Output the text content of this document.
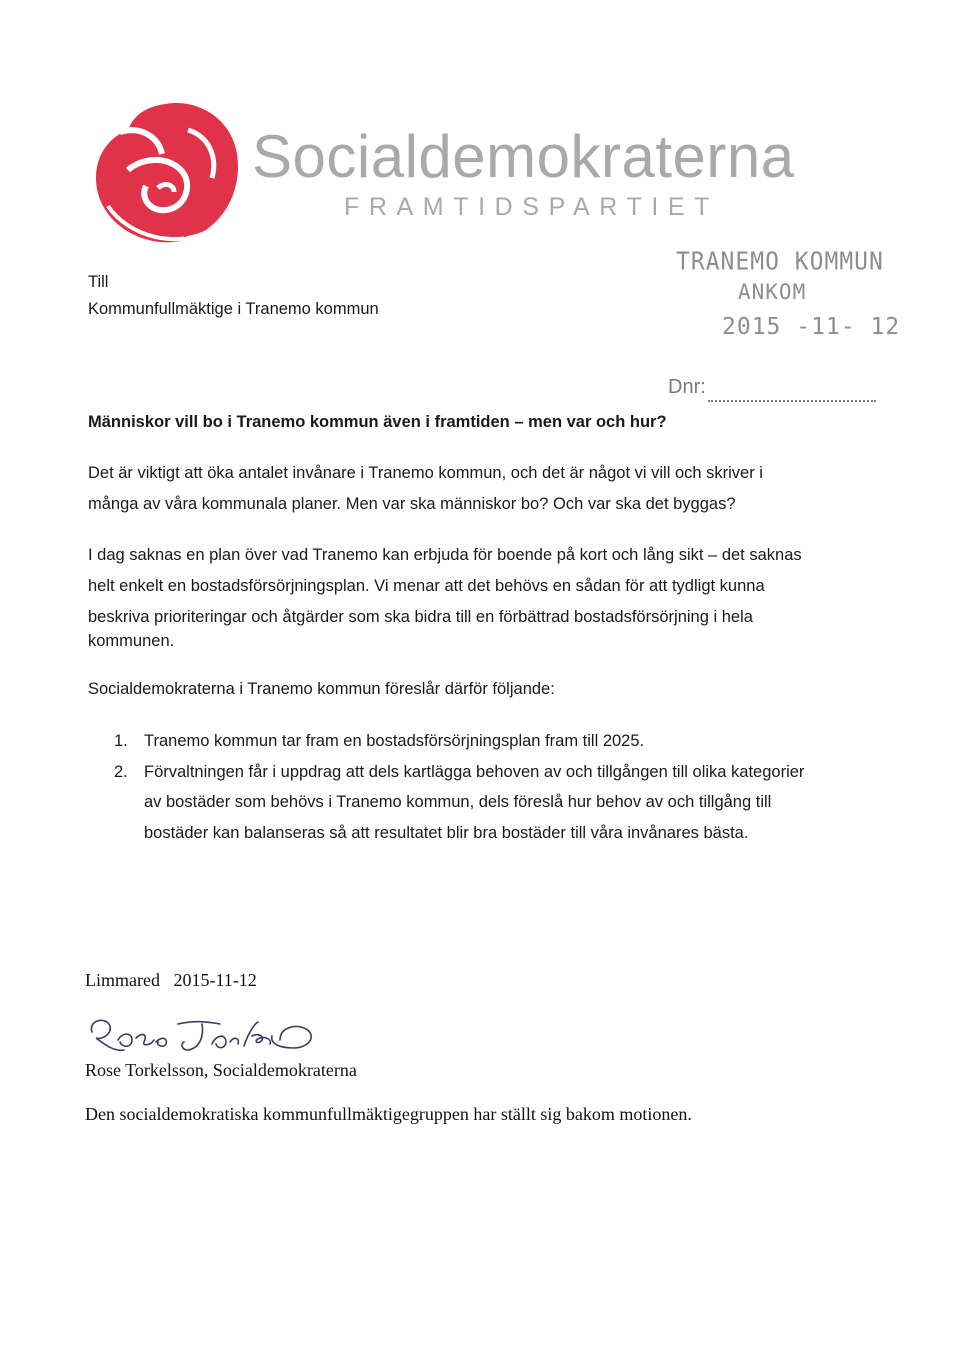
Socialdemokraterna
FRAMTIDSPARTIET
TRANEMO KOMMUN
ANKOM
2015 -11- 12
Dnr:
Till
Kommunfullmäktige i Tranemo kommun
Människor vill bo i Tranemo kommun även i framtiden – men var och hur?
Det är viktigt att öka antalet invånare i Tranemo kommun, och det är något vi vill och skriver i
många av våra kommunala planer. Men var ska människor bo? Och var ska det byggas?
I dag saknas en plan över vad Tranemo kan erbjuda för boende på kort och lång sikt – det saknas
helt enkelt en bostadsförsörjningsplan. Vi menar att det behövs en sådan för att tydligt kunna
beskriva prioriteringar och åtgärder som ska bidra till en förbättrad bostadsförsörjning i hela
kommunen.
Socialdemokraterna i Tranemo kommun föreslår därför följande:
1. Tranemo kommun tar fram en bostadsförsörjningsplan fram till 2025.
2. Förvaltningen får i uppdrag att dels kartlägga behoven av och tillgången till olika kategorier
av bostäder som behövs i Tranemo kommun, dels föreslå hur behov av och tillgång till
bostäder kan balanseras så att resultatet blir bra bostäder till våra invånares bästa.
Limmared   2015-11-12
Rose Torkelsson, Socialdemokraterna
Den socialdemokratiska kommunfullmäktigegruppen har ställt sig bakom motionen.
